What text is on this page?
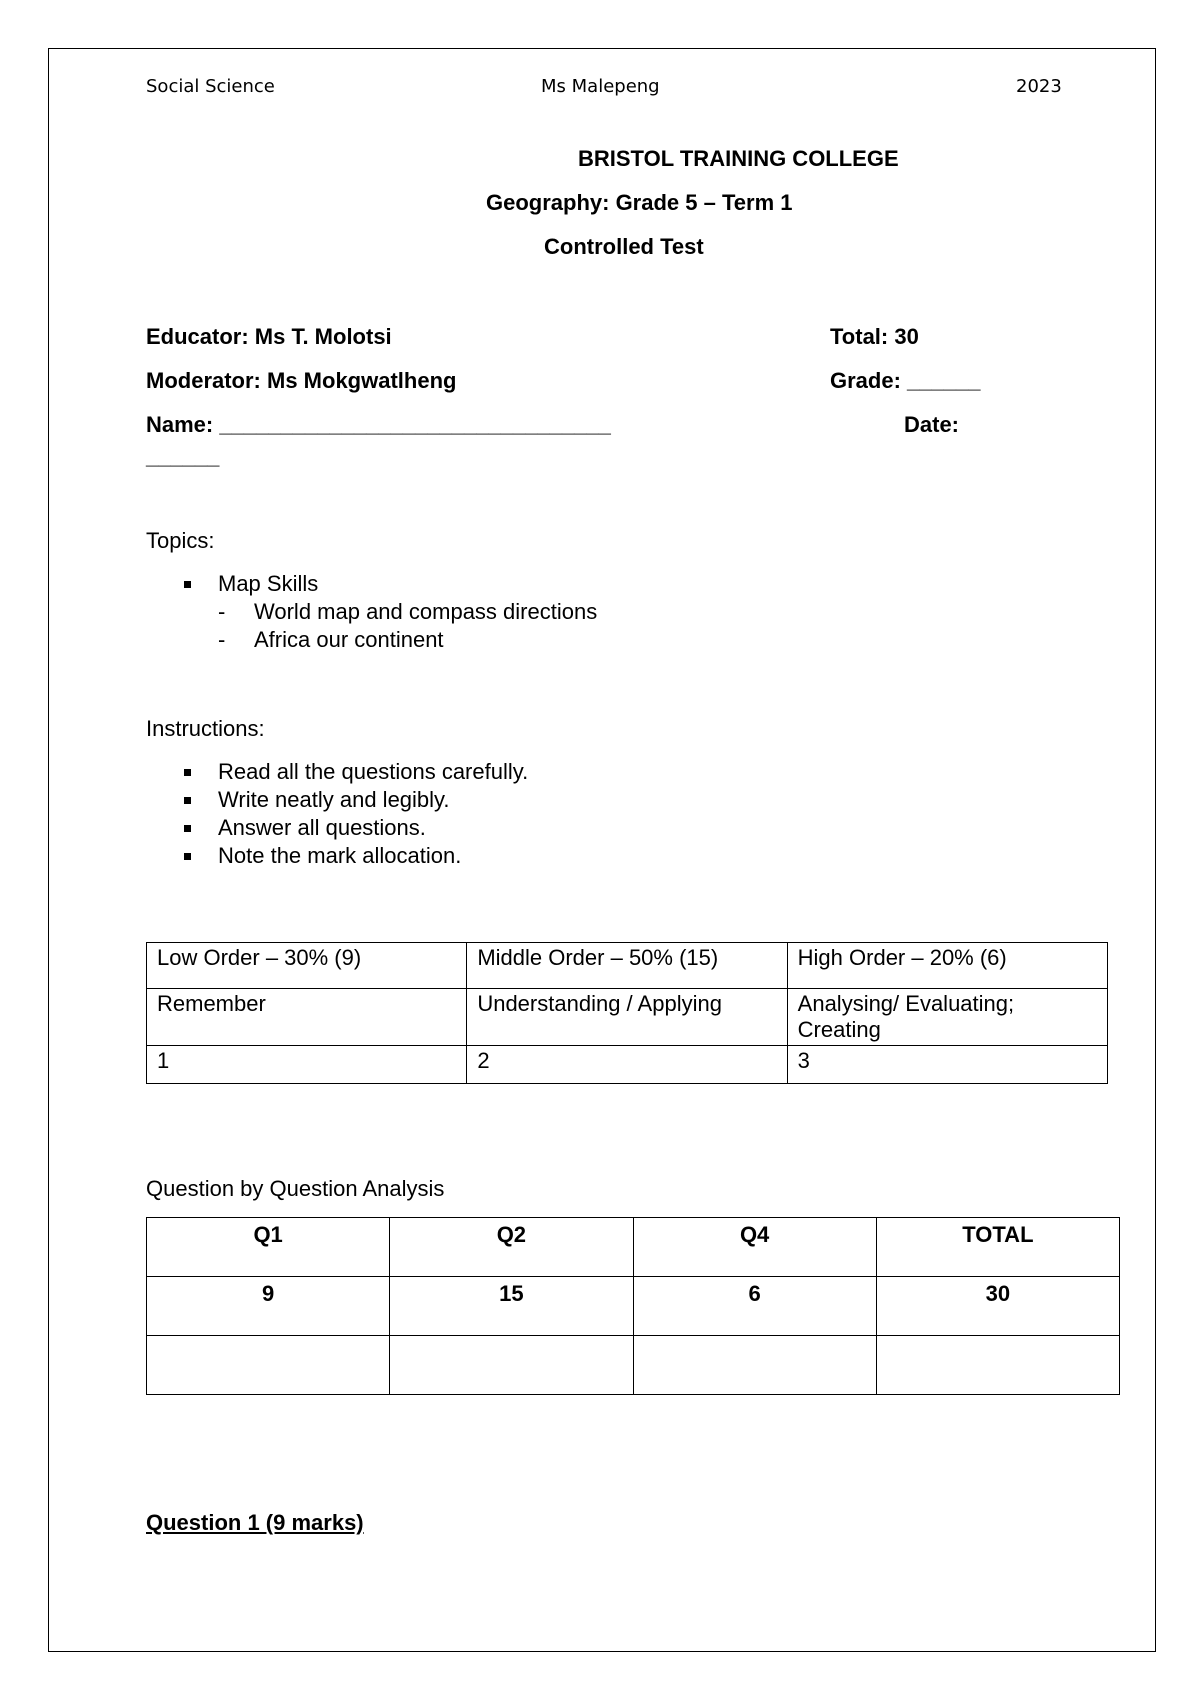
Social Science	Ms Malepeng	2023
BRISTOL TRAINING COLLEGE
Geography: Grade 5 – Term 1
Controlled Test
Educator: Ms T. Molotsi	Total: 30
Moderator: Ms Mokgwatlheng	Grade: ______
Name: ________________________________	Date:
______
Topics:
Map Skills
- World map and compass directions
- Africa our continent
Instructions:
Read all the questions carefully.
Write neatly and legibly.
Answer all questions.
Note the mark allocation.
Low Order – 30% (9)	Middle Order – 50% (15)	High Order – 20% (6)
Remember	Understanding / Applying	Analysing/ Evaluating; Creating
1	2	3
Question by Question Analysis
Q1	Q2	Q4	TOTAL
9	15	6	30

Question 1 (9 marks)
